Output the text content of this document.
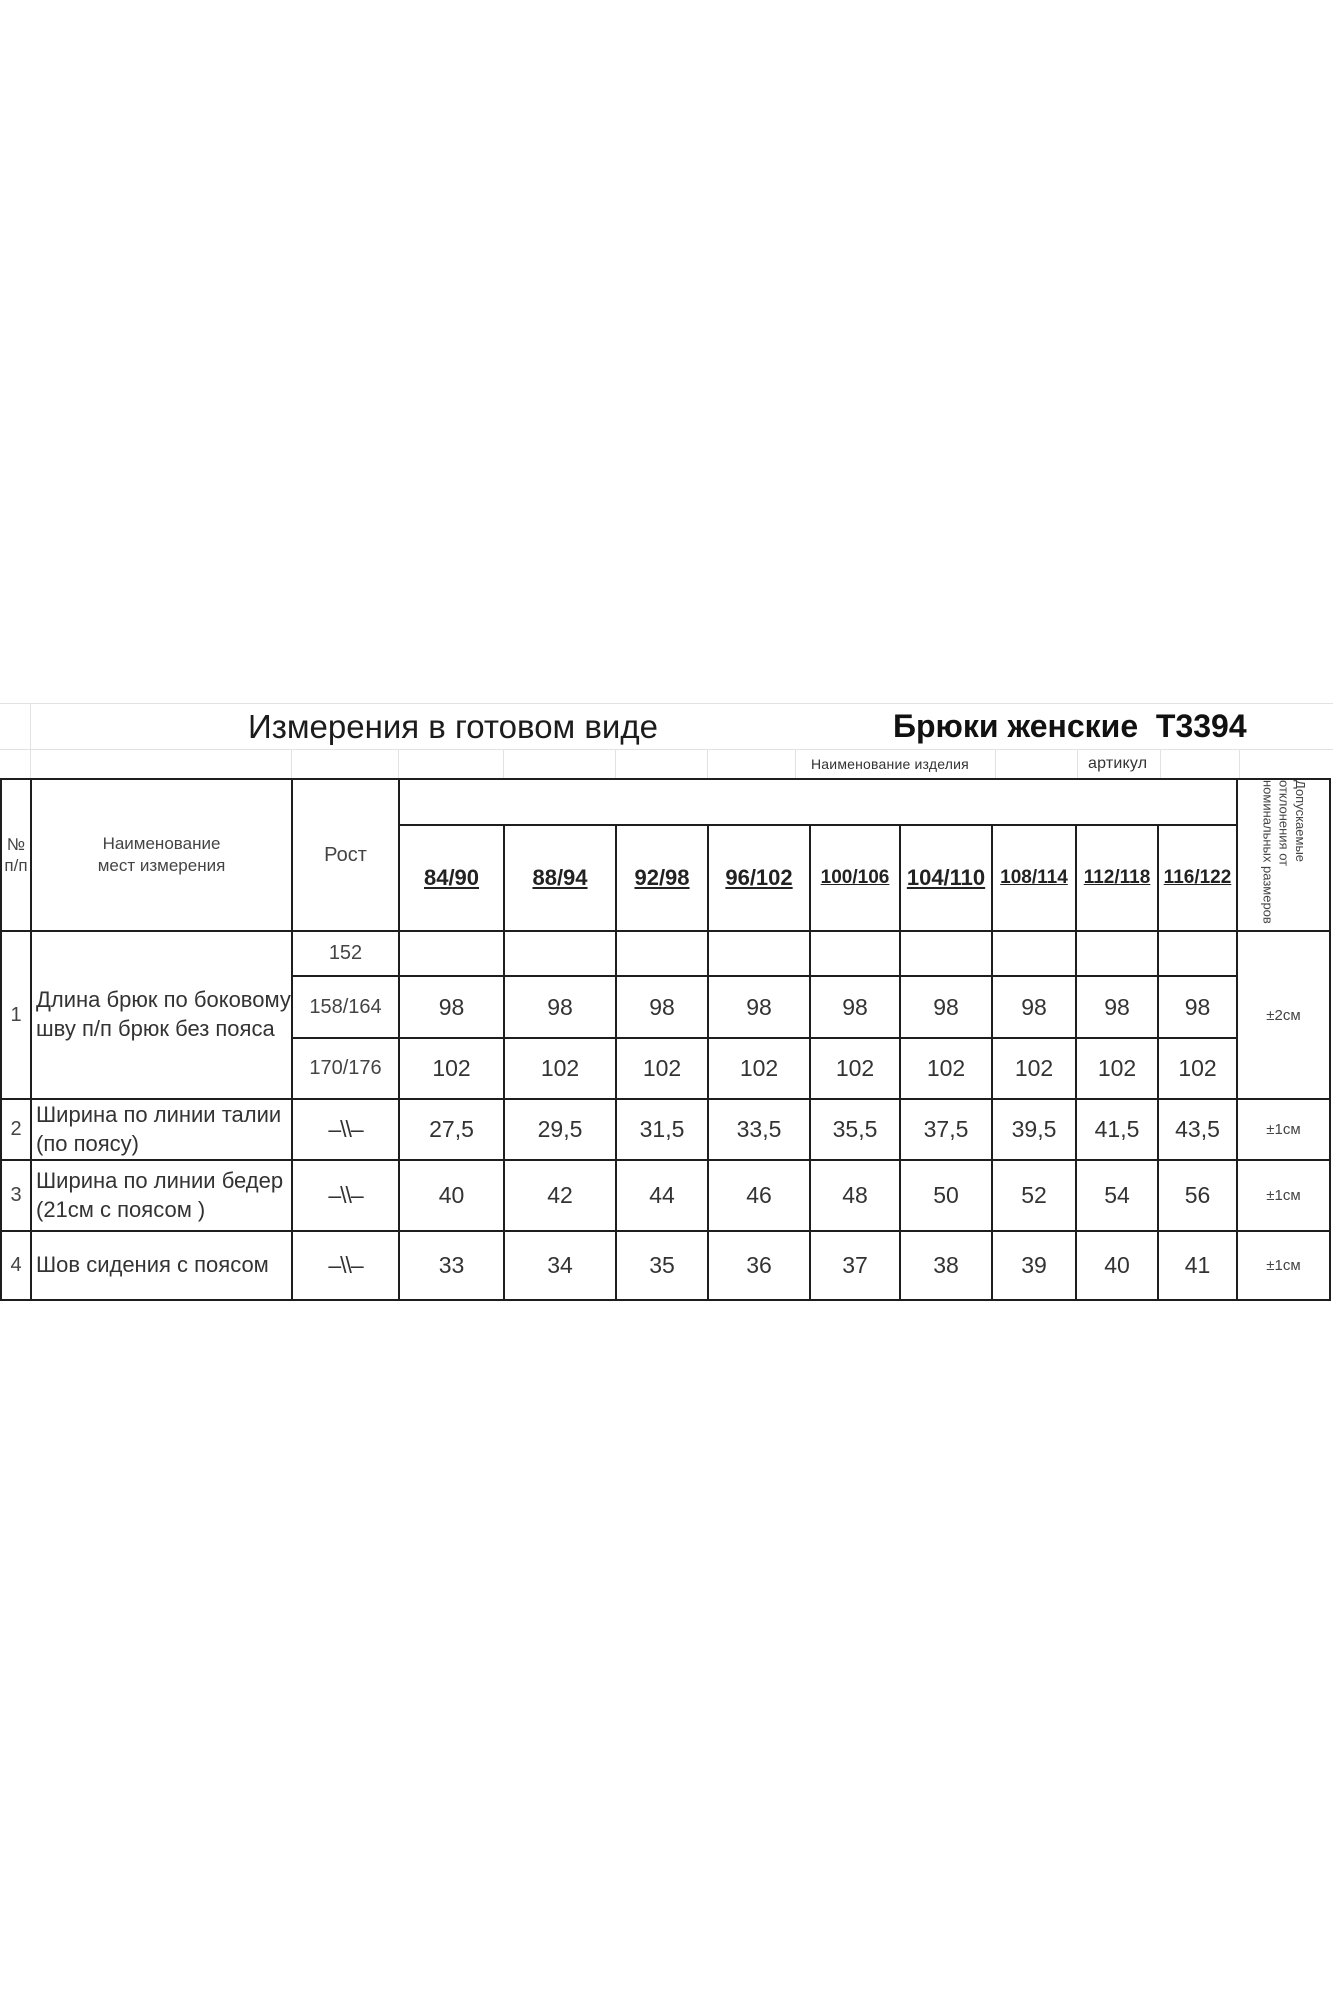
Измерения в готовом виде	Брюки женские Т3394
Наименование изделия	артикул
№ п/п	Наименование мест измерения	Рост										Допускаемые отклонения от номинальных размеров

			84/90	88/94	92/98	96/102	100/106	104/110	108/114	112/118	116/122	
1	Длина брюк по боковому шву п/п брюк без пояса	152										±2см
		158/164	98	98	98	98	98	98	98	98	98	
		170/176	102	102	102	102	102	102	102	102	102	
2	Ширина по линии талии (по поясу)	–\\–	27,5	29,5	31,5	33,5	35,5	37,5	39,5	41,5	43,5	±1см
3	Ширина по линии бедер (21см с поясом )	–\\–	40	42	44	46	48	50	52	54	56	±1см
4	Шов сидения с поясом	–\\–	33	34	35	36	37	38	39	40	41	±1см
